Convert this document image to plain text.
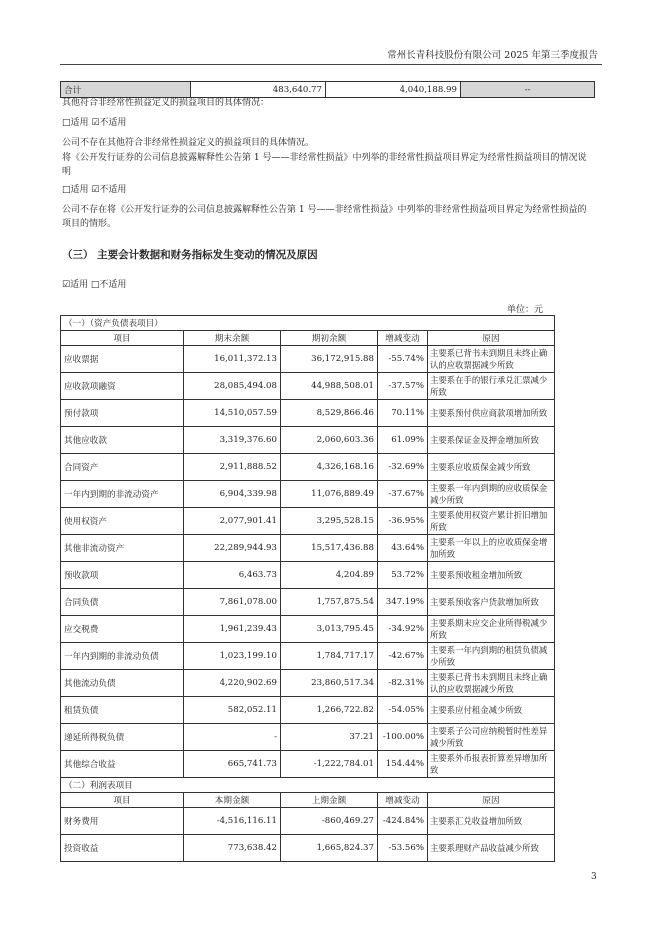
常州长青科技股份有限公司 2025 年第三季度报告
合计	483,640.77	4,040,188.99	--
其他符合非经常性损益定义的损益项目的具体情况：
□适用 ☑不适用
公司不存在其他符合非经常性损益定义的损益项目的具体情况。
将《公开发行证券的公司信息披露解释性公告第 1 号——非经常性损益》中列举的非经常性损益项目界定为经常性损益项目的情况说明
□适用 ☑不适用
公司不存在将《公开发行证券的公司信息披露解释性公告第 1 号——非经常性损益》中列举的非经常性损益项目界定为经常性损益的项目的情形。
（三） 主要会计数据和财务指标发生变动的情况及原因
☑适用 □不适用
单位：元
（一）（资产负债表项目）				
项目	期末余额	期初余额	增减变动	原因
应收票据	16,011,372.13	36,172,915.88	-55.74%	主要系已背书未到期且未终止确认的应收票据减少所致
应收款项融资	28,085,494.08	44,988,508.01	-37.57%	主要系在手的银行承兑汇票减少所致
预付款项	14,510,057.59	8,529,866.46	70.11%	主要系预付供应商款项增加所致
其他应收款	3,319,376.60	2,060,603.36	61.09%	主要系保证金及押金增加所致
合同资产	2,911,888.52	4,326,168.16	-32.69%	主要系应收质保金减少所致
一年内到期的非流动资产	6,904,339.98	11,076,889.49	-37.67%	主要系一年内到期的应收质保金减少所致
使用权资产	2,077,901.41	3,295,528.15	-36.95%	主要系使用权资产累计折旧增加所致
其他非流动资产	22,289,944.93	15,517,436.88	43.64%	主要系一年以上的应收质保金增加所致
预收款项	6,463.73	4,204.89	53.72%	主要系预收租金增加所致
合同负债	7,861,078.00	1,757,875.54	347.19%	主要系预收客户货款增加所致
应交税费	1,961,239.43	3,013,795.45	-34.92%	主要系期末应交企业所得税减少所致
一年内到期的非流动负债	1,023,199.10	1,784,717.17	-42.67%	主要系一年内到期的租赁负债减少所致
其他流动负债	4,220,902.69	23,860,517.34	-82.31%	主要系已背书未到期且未终止确认的应收票据减少所致
租赁负债	582,052.11	1,266,722.82	-54.05%	主要系应付租金减少所致
递延所得税负债	-	37.21	-100.00%	主要系子公司应纳税暂时性差异减少所致
其他综合收益	665,741.73	-1,222,784.01	154.44%	主要系外币报表折算差异增加所致
（二）利润表项目				
项目	本期金额	上期金额	增减变动	原因
财务费用	-4,516,116.11	-860,469.27	-424.84%	主要系汇兑收益增加所致
投资收益	773,638.42	1,665,824.37	-53.56%	主要系理财产品收益减少所致
3
